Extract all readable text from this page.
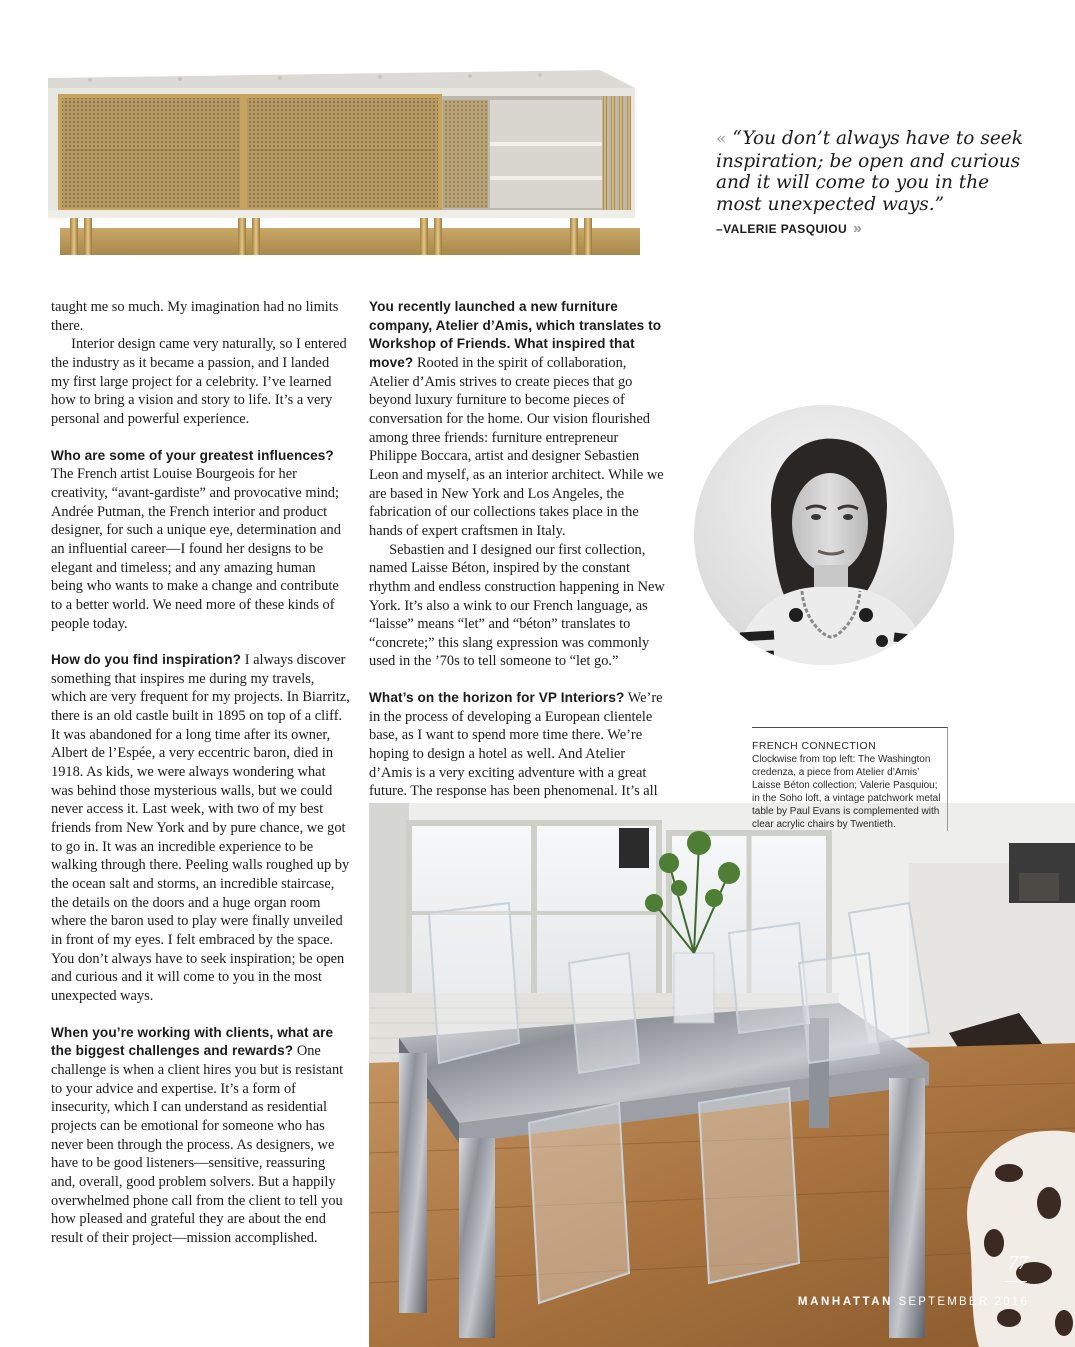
« “You don’t always have to seek inspiration; be open and curious and it will come to you in the most unexpected ways.”
–VALERIE PASQUIOU »

taught me so much. My imagination had no limits there.

Interior design came very naturally, so I entered the industry as it became a passion, and I landed my first large project for a celebrity. I’ve learned how to bring a vision and story to life. It’s a very personal and powerful experience.

Who are some of your greatest influences?
The French artist Louise Bourgeois for her creativity, “avant-gardiste” and provocative mind; Andrée Putman, the French interior and product designer, for such a unique eye, determination and an influential career—I found her designs to be elegant and timeless; and any amazing human being who wants to make a change and contribute to a better world. We need more of these kinds of people today.

How do you find inspiration? I always discover something that inspires me during my travels, which are very frequent for my projects. In Biarritz, there is an old castle built in 1895 on top of a cliff. It was abandoned for a long time after its owner, Albert de l’Espée, a very eccentric baron, died in 1918. As kids, we were always wondering what was behind those mysterious walls, but we could never access it. Last week, with two of my best friends from New York and by pure chance, we got to go in. It was an incredible experience to be walking through there. Peeling walls roughed up by the ocean salt and storms, an incredible staircase, the details on the doors and a huge organ room where the baron used to play were finally unveiled in front of my eyes. I felt embraced by the space. You don’t always have to seek inspiration; be open and curious and it will come to you in the most unexpected ways.

When you’re working with clients, what are the biggest challenges and rewards? One challenge is when a client hires you but is resistant to your advice and expertise. It’s a form of insecurity, which I can understand as residential projects can be emotional for someone who has never been through the process. As designers, we have to be good listeners—sensitive, reassuring and, overall, good problem solvers. But a happily overwhelmed phone call from the client to tell you how pleased and grateful they are about the end result of their project—mission accomplished.

You recently launched a new furniture company, Atelier d’Amis, which translates to Workshop of Friends. What inspired that move? Rooted in the spirit of collaboration, Atelier d’Amis strives to create pieces that go beyond luxury furniture to become pieces of conversation for the home. Our vision flourished among three friends: furniture entrepreneur Philippe Boccara, artist and designer Sebastien Leon and myself, as an interior architect. While we are based in New York and Los Angeles, the fabrication of our collections takes place in the hands of expert craftsmen in Italy.

Sebastien and I designed our first collection, named Laisse Béton, inspired by the constant rhythm and endless construction happening in New York. It’s also a wink to our French language, as “laisse” means “let” and “béton” translates to “concrete;” this slang expression was commonly used in the ’70s to tell someone to “let go.”

What’s on the horizon for VP Interiors? We’re in the process of developing a European clientele base, as I want to spend more time there. We’re hoping to design a hotel as well. And Atelier d’Amis is a very exciting adventure with a great future. The response has been phenomenal. It’s all

FRENCH CONNECTION
Clockwise from top left: The Washington credenza, a piece from Atelier d’Amis’ Laisse Béton collection; Valerie Pasquiou; in the Soho loft, a vintage patchwork metal table by Paul Evans is complemented with clear acrylic chairs by Twentieth.
77
MANHATTAN SEPTEMBER 2016
